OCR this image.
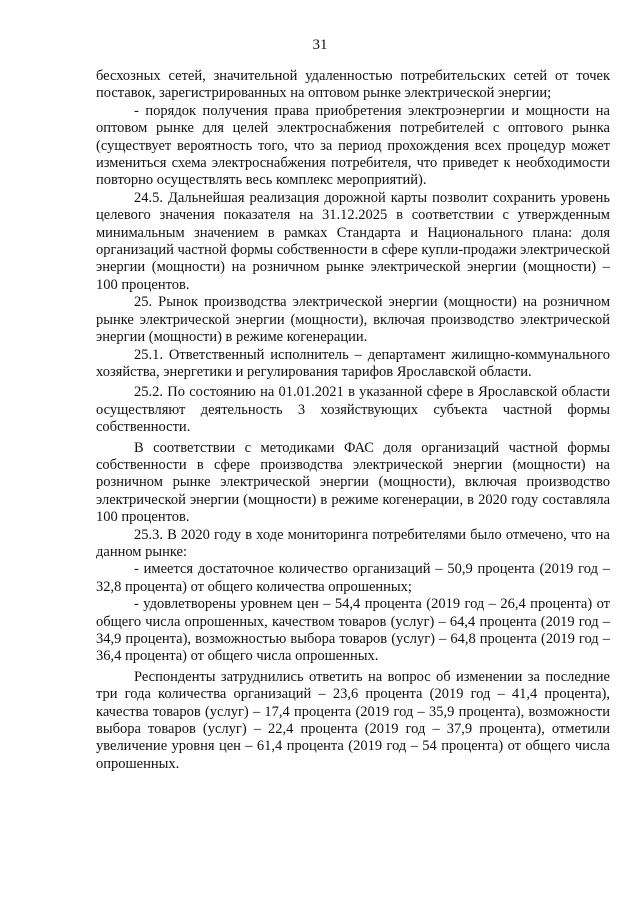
31

бесхозных сетей, значительной удаленностью потребительских сетей от точек поставок, зарегистрированных на оптовом рынке электрической энергии;

- порядок получения права приобретения электроэнергии и мощности на оптовом рынке для целей электроснабжения потребителей с оптового рынка (существует вероятность того, что за период прохождения всех процедур может измениться схема электроснабжения потребителя, что приведет к необходимости повторно осуществлять весь комплекс мероприятий).

24.5. Дальнейшая реализация дорожной карты позволит сохранить уровень целевого значения показателя на 31.12.2025 в соответствии с утвержденным минимальным значением в рамках Стандарта и Национального плана: доля организаций частной формы собственности в сфере купли-продажи электрической энергии (мощности) на розничном рынке электрической энергии (мощности) – 100 процентов.

25. Рынок производства электрической энергии (мощности) на розничном рынке электрической энергии (мощности), включая производство электрической энергии (мощности) в режиме когенерации.

25.1. Ответственный исполнитель – департамент жилищно-коммунального хозяйства, энергетики и регулирования тарифов Ярославской области.

25.2. По состоянию на 01.01.2021 в указанной сфере в Ярославской области осуществляют деятельность 3 хозяйствующих субъекта частной формы собственности.

В соответствии с методиками ФАС доля организаций частной формы собственности в сфере производства электрической энергии (мощности) на розничном рынке электрической энергии (мощности), включая производство электрической энергии (мощности) в режиме когенерации, в 2020 году составляла 100 процентов.

25.3. В 2020 году в ходе мониторинга потребителями было отмечено, что на данном рынке:

- имеется достаточное количество организаций – 50,9 процента (2019 год – 32,8 процента) от общего количества опрошенных;

- удовлетворены уровнем цен – 54,4 процента (2019 год – 26,4 процента) от общего числа опрошенных, качеством товаров (услуг) – 64,4 процента (2019 год – 34,9 процента), возможностью выбора товаров (услуг) – 64,8 процента (2019 год – 36,4 процента) от общего числа опрошенных.

Респонденты затруднились ответить на вопрос об изменении за последние три года количества организаций – 23,6 процента (2019 год – 41,4 процента), качества товаров (услуг) – 17,4 процента (2019 год – 35,9 процента), возможности выбора товаров (услуг) – 22,4 процента (2019 год – 37,9 процента), отметили увеличение уровня цен – 61,4 процента (2019 год – 54 процента) от общего числа опрошенных.
